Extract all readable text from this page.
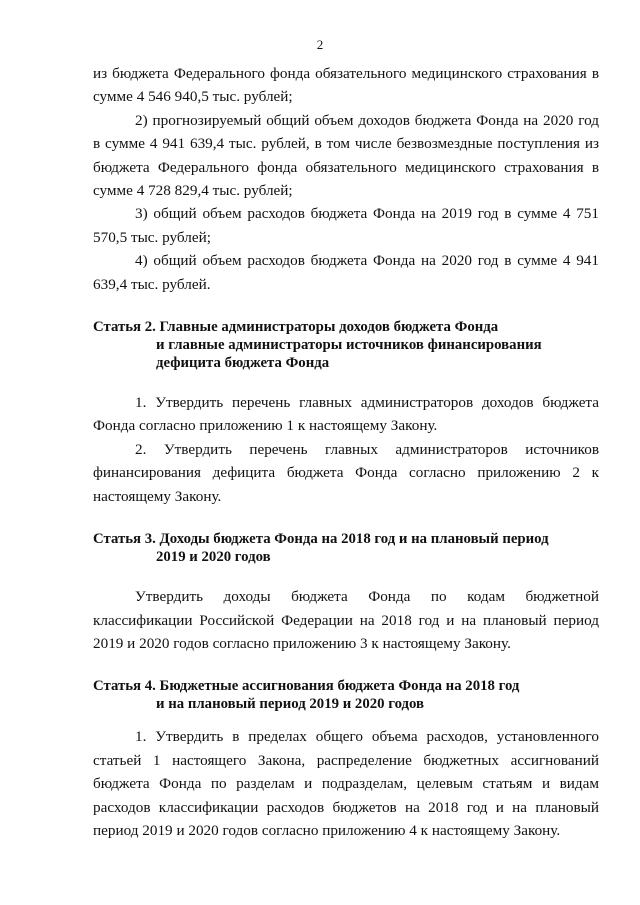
2

из бюджета Федерального фонда обязательного медицинского страхования в сумме 4 546 940,5 тыс. рублей;

2) прогнозируемый общий объем доходов бюджета Фонда на 2020 год в сумме 4 941 639,4 тыс. рублей, в том числе безвозмездные поступления из бюджета Федерального фонда обязательного медицинского страхования в сумме 4 728 829,4 тыс. рублей;

3) общий объем расходов бюджета Фонда на 2019 год в сумме 4 751 570,5 тыс. рублей;

4) общий объем расходов бюджета Фонда на 2020 год в сумме 4 941 639,4 тыс. рублей.

Статья 2. Главные администраторы доходов бюджета Фонда
и главные администраторы источников финансирования
дефицита бюджета Фонда

1. Утвердить перечень главных администраторов доходов бюджета Фонда согласно приложению 1 к настоящему Закону.

2. Утвердить перечень главных администраторов источников финансирования дефицита бюджета Фонда согласно приложению 2 к настоящему Закону.

Статья 3. Доходы бюджета Фонда на 2018 год и на плановый период
2019 и 2020 годов

Утвердить доходы бюджета Фонда по кодам бюджетной классификации Российской Федерации на 2018 год и на плановый период 2019 и 2020 годов согласно приложению 3 к настоящему Закону.

Статья 4. Бюджетные ассигнования бюджета Фонда на 2018 год
и на плановый период 2019 и 2020 годов

1. Утвердить в пределах общего объема расходов, установленного статьей 1 настоящего Закона, распределение бюджетных ассигнований бюджета Фонда по разделам и подразделам, целевым статьям и видам расходов классификации расходов бюджетов на 2018 год и на плановый период 2019 и 2020 годов согласно приложению 4 к настоящему Закону.
